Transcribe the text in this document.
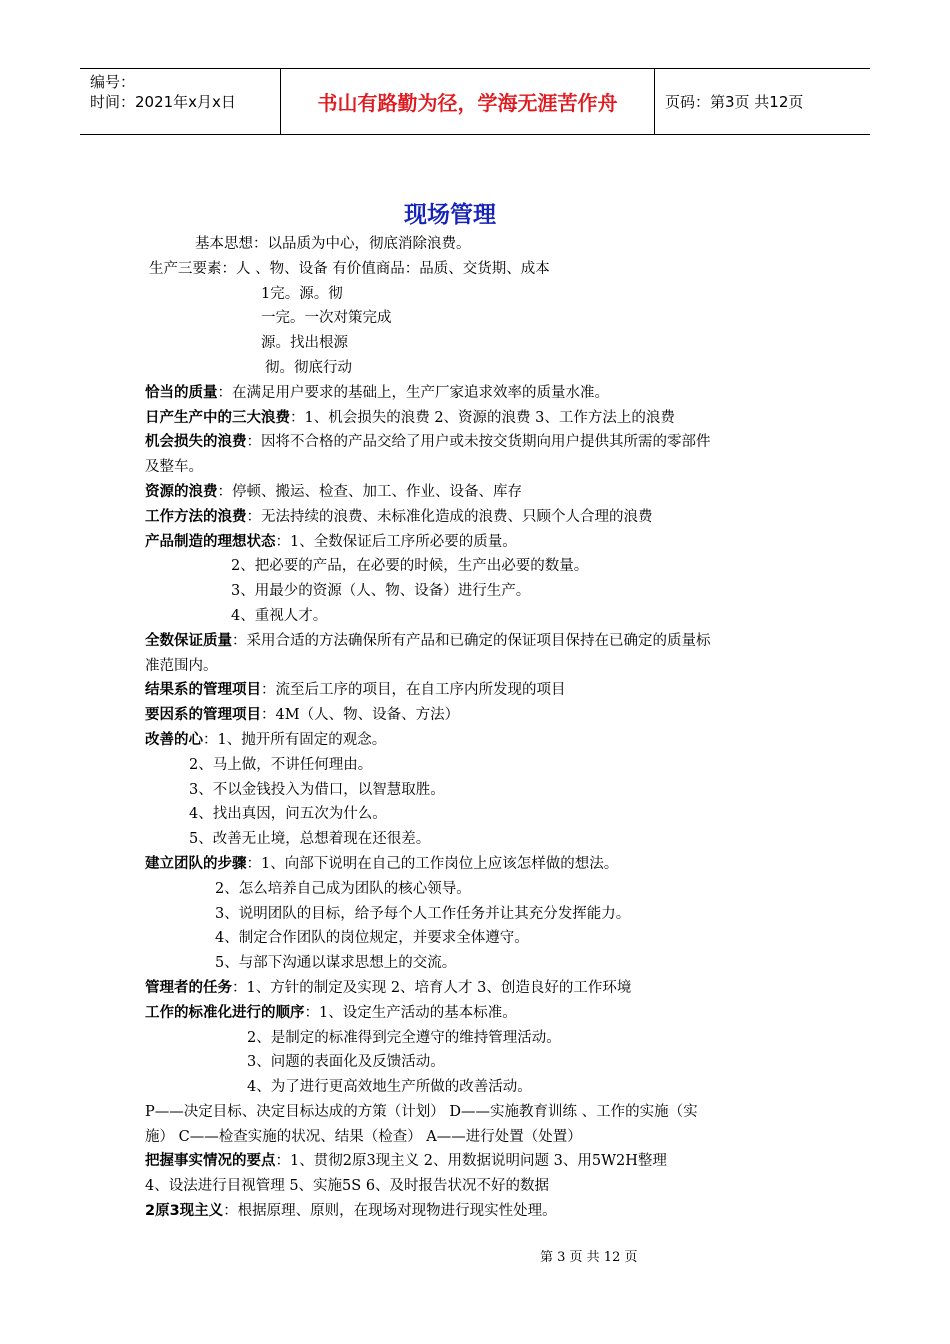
编号：
时间：2021年x月x日	书山有路勤为径，学海无涯苦作舟	页码：第3页 共12页
现场管理
基本思想：以品质为中心，彻底消除浪费。
生产三要素：人 、物、设备 有价值商品：品质、交货期、成本
1完。源。彻
一完。一次对策完成
源。找出根源
彻。彻底行动
恰当的质量：在满足用户要求的基础上，生产厂家追求效率的质量水准。
日产生产中的三大浪费：1、机会损失的浪费 2、资源的浪费 3、工作方法上的浪费
机会损失的浪费：因将不合格的产品交给了用户或未按交货期向用户提供其所需的零部件
及整车。
资源的浪费：停顿、搬运、检查、加工、作业、设备、库存
工作方法的浪费：无法持续的浪费、未标准化造成的浪费、只顾个人合理的浪费
产品制造的理想状态：1、全数保证后工序所必要的质量。
2、把必要的产品，在必要的时候，生产出必要的数量。
3、用最少的资源（人、物、设备）进行生产。
4、重视人才。
全数保证质量：采用合适的方法确保所有产品和已确定的保证项目保持在已确定的质量标
准范围内。
结果系的管理项目：流至后工序的项目，在自工序内所发现的项目
要因系的管理项目：4M（人、物、设备、方法）
改善的心：1、抛开所有固定的观念。
2、马上做，不讲任何理由。
3、不以金钱投入为借口，以智慧取胜。
4、找出真因，问五次为什么。
5、改善无止境，总想着现在还很差。
建立团队的步骤：1、向部下说明在自己的工作岗位上应该怎样做的想法。
2、怎么培养自己成为团队的核心领导。
3、说明团队的目标，给予每个人工作任务并让其充分发挥能力。
4、制定合作团队的岗位规定，并要求全体遵守。
5、与部下沟通以谋求思想上的交流。
管理者的任务：1、方针的制定及实现 2、培育人才 3、创造良好的工作环境
工作的标准化进行的顺序：1、设定生产活动的基本标准。
2、是制定的标准得到完全遵守的维持管理活动。
3、问题的表面化及反馈活动。
4、为了进行更高效地生产所做的改善活动。
P——决定目标、决定目标达成的方策（计划） D——实施教育训练 、工作的实施（实
施） C——检查实施的状况、结果（检查） A——进行处置（处置）
把握事实情况的要点：1、贯彻2原3现主义 2、用数据说明问题 3、用5W2H整理
4、设法进行目视管理 5、实施5S 6、及时报告状况不好的数据
2原3现主义：根据原理、原则，在现场对现物进行现实性处理。
第 3 页 共 12 页
